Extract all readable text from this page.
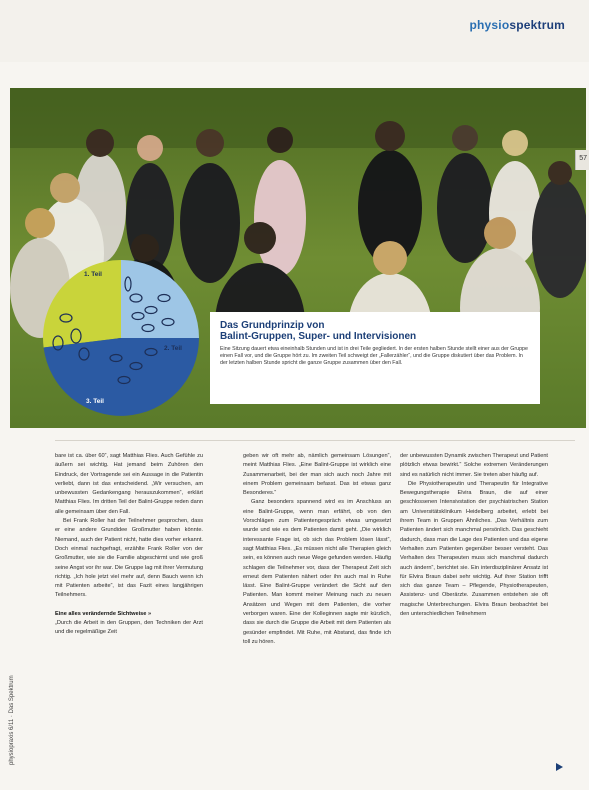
physiospektrum
57
1. Teil
2. Teil
3. Teil
Das Grundprinzip von
Balint-Gruppen, Super- und Intervisionen

Eine Sitzung dauert etwa eineinhalb Stunden und ist in drei Teile gegliedert. In der ersten halben Stunde stellt einer aus der Gruppe einen Fall vor, und die Gruppe hört zu. Im zweiten Teil schweigt der „Fallerzähler“, und die Gruppe diskutiert über das Problem. In der letzten halben Stunde spricht die ganze Gruppe zusammen über den Fall.

bare ist ca. über 60“, sagt Matthias Flies. Auch Gefühle zu äußern sei wichtig. Hat jemand beim Zuhören den Eindruck, der Vortragende sei ein Aussage in die Patientin verliebt, dann ist das entscheidend. „Wir versuchen, am unbewussten Gedankengang herauszukommen“, erklärt Matthias Flies. Im dritten Teil der Balint-Gruppe reden dann alle gemeinsam über den Fall.

Bei Frank Roller hat der Teilnehmer gesprochen, dass er eine andere Grundidee Großmutter haben könnte. Niemand, auch der Patient nicht, hatte dies vorher erkannt. Doch einmal nachgefragt, erzählte Frank Roller von der Großmutter, wie sie die Familie abgeschirmt und wie groß seine Angst vor ihr war. Die Gruppe lag mit ihrer Vermutung richtig. „Ich hole jetzt viel mehr auf, denn Bauch wenn ich mit Patienten arbeite“, ist das Fazit eines langjährigen Teilnehmers.

Eine alles verändernde Sichtweise »

„Durch die Arbeit in den Gruppen, den Techniken der Arzt und die regelmäßige Zeit

geben wir oft mehr ab, nämlich gemeinsam Lösungen“, meint Matthias Flies. „Eine Balint-Gruppe ist wirklich eine Zusammenarbeit, bei der man sich auch noch Jahre mit einem Problem gemeinsam befasst. Das ist etwas ganz Besonderes.“

Ganz besonders spannend wird es im Anschluss an eine Balint-Gruppe, wenn man erfährt, ob von den Vorschlägen zum Patientengespräch etwas umgesetzt wurde und wie es dem Patienten damit geht. „Die wirklich interessante Frage ist, ob sich das Problem lösen lässt“, sagt Matthias Flies. „Es müssen nicht alle Therapien gleich sein, es können auch neue Wege gefunden werden. Häufig schlagen die Teilnehmer vor, dass der Therapeut Zeit sich erneut dem Patienten nähert oder ihn auch mal in Ruhe lässt. Eine Balint-Gruppe verändert die Sicht auf den Patienten. Man kommt meiner Meinung nach zu neuen Ansätzen und Wegen mit dem Patienten, die vorher verborgen waren. Eine der Kolleginnen sagte mir kürzlich, dass sie durch die Gruppe die Arbeit mit dem Patienten als gesünder empfindet. Mit Ruhe, mit Abstand, das finde ich toll zu hören.

der unbewussten Dynamik zwischen Therapeut und Patient plötzlich etwas bewirkt.“ Solche extremen Veränderungen sind es natürlich nicht immer. Sie treten aber häufig auf.

Die Physiotherapeutin und Therapeutin für Integrative Bewegungstherapie Elvira Braun, die auf einer geschlossenen Intensivstation der psychiatrischen Station am Universitätsklinikum Heidelberg arbeitet, erlebt bei ihrem Team in Gruppen Ähnliches. „Das Verhältnis zum Patienten ändert sich manchmal persönlich. Das geschieht dadurch, dass man die Lage des Patienten und das eigene Verhalten zum Patienten gegenüber besser versteht. Das Verhalten des Therapeuten muss sich manchmal dadurch auch ändern“, berichtet sie. Ein interdisziplinärer Ansatz ist für Elvira Braun dabei sehr wichtig. Auf ihrer Station trifft sich das ganze Team – Pflegende, Physiotherapeuten, Assistenz- und Oberärzte. Zusammen entstehen sie oft magische Unterbrechungen. Elvira Braun beobachtet bei den unterschiedlichen Teilnehmern

physiopraxis 6/11 · Das Spektrum
